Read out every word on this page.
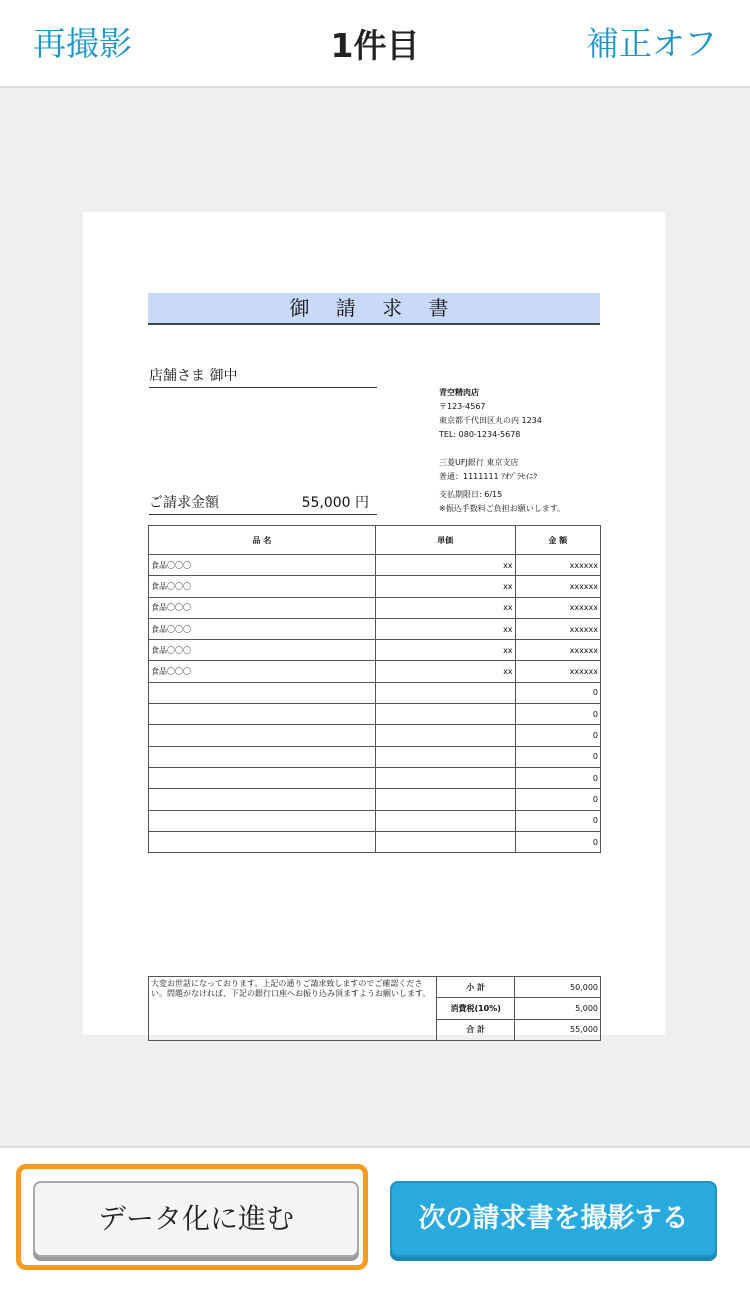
再撮影	1件目	補正オフ
御 請 求 書
店舗さま 御中
ご請求金額	55,000 円
青空精肉店
〒123-4567
東京都千代田区丸の内 1234
TEL: 080-1234-5678
三菱UFJ銀行 東京支店
普通：1111111 ｱｵｿﾞﾗｾｲﾆｸ
支払期限日: 6/15
※振込手数料ご負担お願いします。
品 名	単価	金 額
食品〇〇〇	xx	xxxxxx
食品〇〇〇	xx	xxxxxx
食品〇〇〇	xx	xxxxxx
食品〇〇〇	xx	xxxxxx
食品〇〇〇	xx	xxxxxx
食品〇〇〇	xx	xxxxxx
		0
		0
		0
		0
		0
		0
		0
		0
大変お世話になっております。上記の通りご請求致しますのでご確認ください。問題がなければ、下記の銀行口座へお振り込み頂ますようお願いします。	小 計	50,000
	消費税(10%)	5,000
	合 計	55,000
データ化に進む	次の請求書を撮影する
